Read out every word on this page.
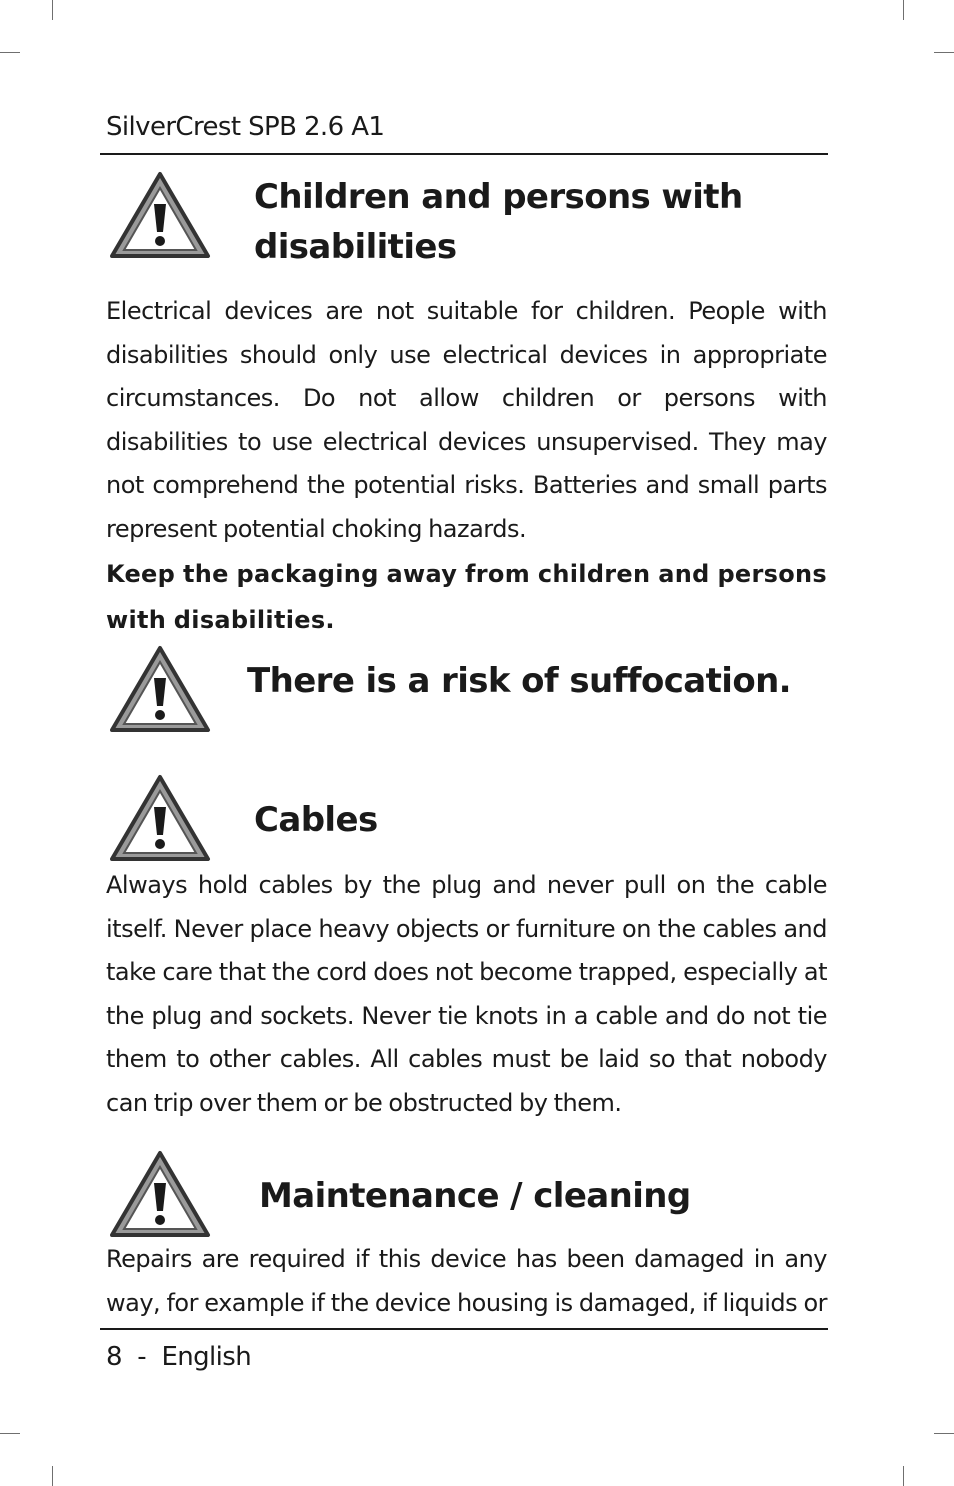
SilverCrest SPB 2.6 A1
Children and persons with
disabilities

Electrical devices are not suitable for children. People with disabilities should only use electrical devices in appropriate circumstances. Do not allow children or persons with disabilities to use electrical devices unsupervised. They may not comprehend the potential risks. Batteries and small parts represent potential choking hazards.

Keep the packaging away from children and persons with disabilities.

There is a risk of suffocation.
Cables

Always hold cables by the plug and never pull on the cable itself. Never place heavy objects or furniture on the cables and take care that the cord does not become trapped, especially at the plug and sockets. Never tie knots in a cable and do not tie them to other cables. All cables must be laid so that nobody can trip over them or be obstructed by them.

Maintenance / cleaning

Repairs are required if this device has been damaged in any way, for example if the device housing is damaged, if liquids or

8 - English
